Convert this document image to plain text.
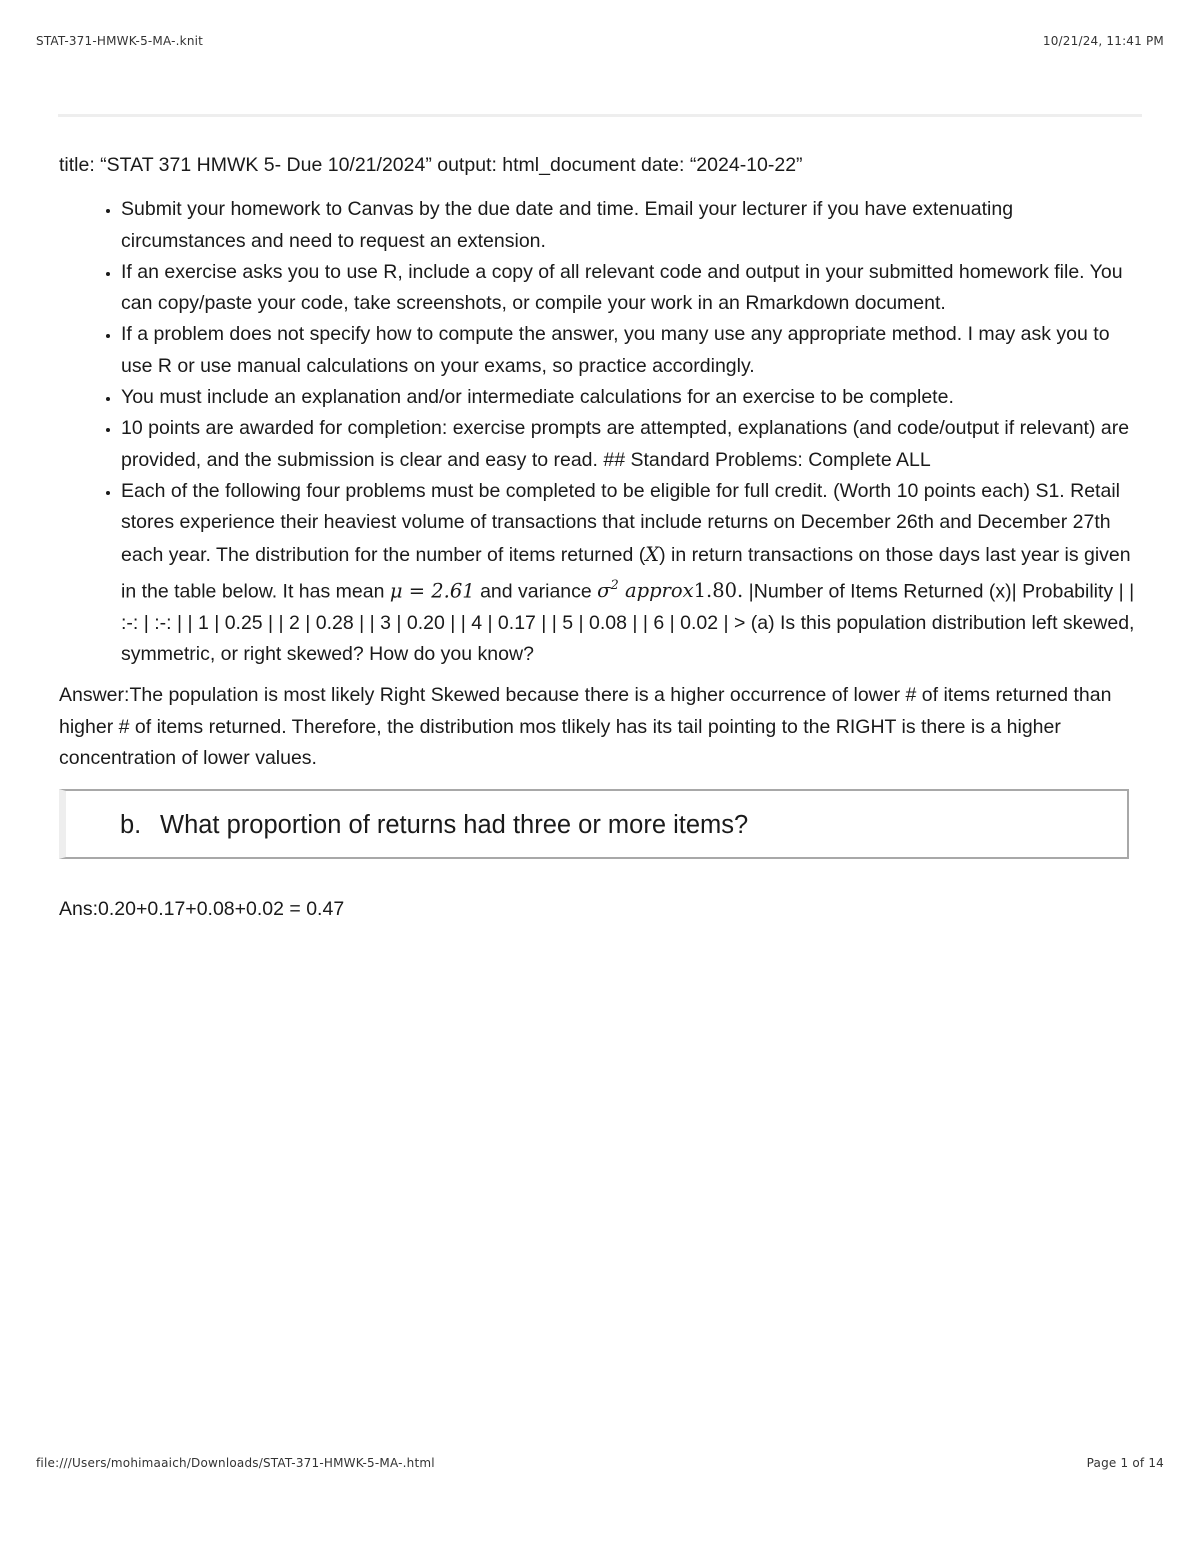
STAT-371-HMWK-5-MA-.knit	10/21/24, 11:41 PM

title: “STAT 371 HMWK 5- Due 10/21/2024” output: html_document date: “2024-10-22”

• Submit your homework to Canvas by the due date and time. Email your lecturer if you have extenuating circumstances and need to request an extension.
• If an exercise asks you to use R, include a copy of all relevant code and output in your submitted homework file. You can copy/paste your code, take screenshots, or compile your work in an Rmarkdown document.
• If a problem does not specify how to compute the answer, you many use any appropriate method. I may ask you to use R or use manual calculations on your exams, so practice accordingly.
• You must include an explanation and/or intermediate calculations for an exercise to be complete.
• 10 points are awarded for completion: exercise prompts are attempted, explanations (and code/output if relevant) are provided, and the submission is clear and easy to read. ## Standard Problems: Complete ALL
• Each of the following four problems must be completed to be eligible for full credit. (Worth 10 points each) S1. Retail stores experience their heaviest volume of transactions that include returns on December 26th and December 27th each year. The distribution for the number of items returned (X) in return transactions on those days last year is given in the table below. It has mean μ = 2.61 and variance $\sigma^2$ approx1.80. |Number of Items Returned (x)| Probability | | :-: | :-: | | 1 | 0.25 | | 2 | 0.28 | | 3 | 0.20 | | 4 | 0.17 | | 5 | 0.08 | | 6 | 0.02 | > (a) Is this population distribution left skewed, symmetric, or right skewed? How do you know?

Answer:The population is most likely Right Skewed because there is a higher occurrence of lower # of items returned than higher # of items returned. Therefore, the distribution mos tlikely has its tail pointing to the RIGHT is there is a higher concentration of lower values.

b. What proportion of returns had three or more items?

Ans:0.20+0.17+0.08+0.02 = 0.47

file:///Users/mohimaaich/Downloads/STAT-371-HMWK-5-MA-.html	Page 1 of 14
